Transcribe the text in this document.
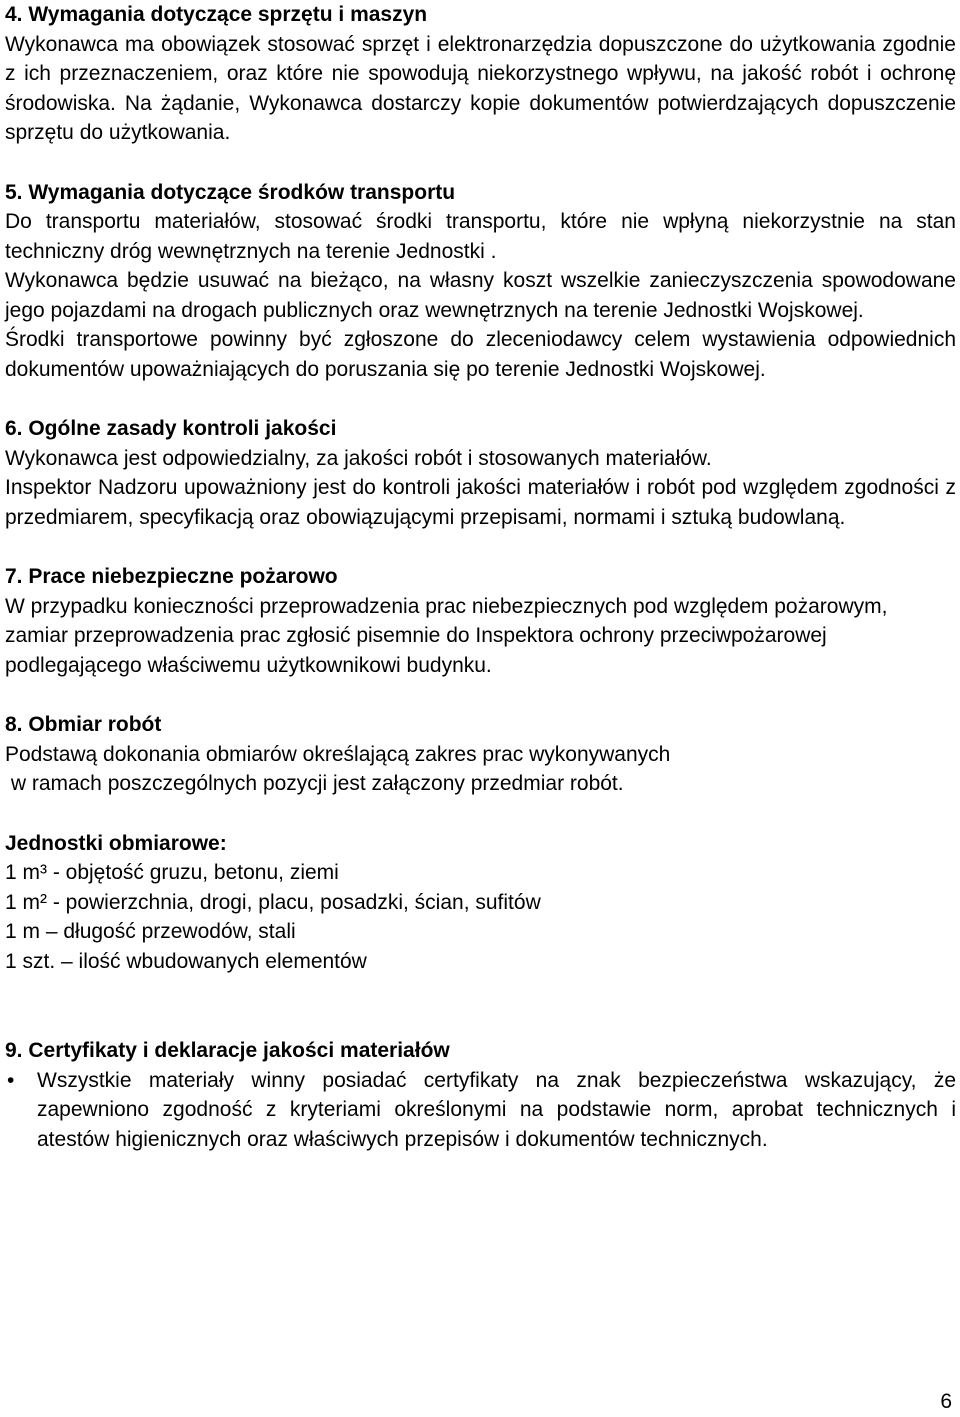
4. Wymagania dotyczące sprzętu i maszyn

Wykonawca ma obowiązek stosować sprzęt i elektronarzędzia dopuszczone do użytkowania zgodnie z ich przeznaczeniem, oraz które nie spowodują niekorzystnego wpływu, na jakość robót i ochronę środowiska. Na żądanie, Wykonawca dostarczy kopie dokumentów potwierdzających dopuszczenie sprzętu do użytkowania.

5. Wymagania dotyczące środków transportu

Do transportu materiałów, stosować środki transportu, które nie wpłyną niekorzystnie na stan techniczny dróg wewnętrznych na terenie Jednostki .

Wykonawca będzie usuwać na bieżąco, na własny koszt wszelkie zanieczyszczenia spowodowane jego pojazdami na drogach publicznych oraz wewnętrznych na terenie Jednostki Wojskowej.

Środki transportowe powinny być zgłoszone do zleceniodawcy celem wystawienia odpowiednich dokumentów upoważniających do poruszania się po terenie Jednostki Wojskowej.

6. Ogólne zasady kontroli jakości

Wykonawca jest odpowiedzialny, za jakości robót i stosowanych materiałów.

Inspektor Nadzoru upoważniony jest do kontroli jakości materiałów i robót pod względem zgodności z przedmiarem, specyfikacją oraz obowiązującymi przepisami, normami i sztuką budowlaną.

7. Prace niebezpieczne pożarowo

W przypadku konieczności przeprowadzenia prac niebezpiecznych pod względem pożarowym, zamiar przeprowadzenia prac zgłosić pisemnie do Inspektora ochrony przeciwpożarowej podlegającego właściwemu użytkownikowi budynku.

8. Obmiar robót

Podstawą dokonania obmiarów określającą zakres prac wykonywanych

w ramach poszczególnych pozycji jest załączony przedmiar robót.

Jednostki obmiarowe:

1 m³ - objętość gruzu, betonu, ziemi

1 m² - powierzchnia, drogi, placu, posadzki, ścian, sufitów

1 m – długość przewodów, stali

1 szt. – ilość wbudowanych elementów

9. Certyfikaty i deklaracje jakości materiałów

•	Wszystkie materiały winny posiadać certyfikaty na znak bezpieczeństwa wskazujący, że zapewniono zgodność z kryteriami określonymi na podstawie norm, aprobat technicznych i atestów higienicznych oraz właściwych przepisów i dokumentów technicznych.
6
